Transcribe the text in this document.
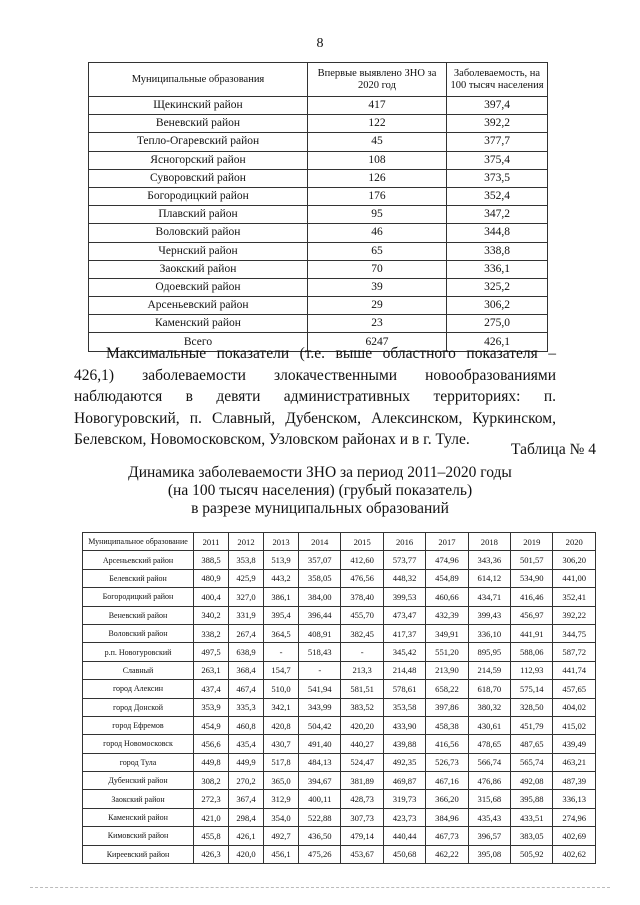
8
Муниципальные образования	Впервые выявлено ЗНО за 2020 год	Заболеваемость, на 100 тысяч населения
Щекинский район	417	397,4
Веневский район	122	392,2
Тепло-Огаревский район	45	377,7
Ясногорский район	108	375,4
Суворовский район	126	373,5
Богородицкий район	176	352,4
Плавский район	95	347,2
Воловский район	46	344,8
Чернский район	65	338,8
Заокский район	70	336,1
Одоевский район	39	325,2
Арсеньевский район	29	306,2
Каменский район	23	275,0
Всего	6247	426,1
Максимальные показатели (т.е. выше областного показателя – 426,1) заболеваемости злокачественными новообразованиями наблюдаются в девяти административных территориях: п. Новогуровский, п. Славный, Дубенском, Алексинском, Куркинском, Белевском, Новомосковском, Узловском районах и в г. Туле.
Таблица № 4
Динамика заболеваемости ЗНО за период 2011–2020 годы
(на 100 тысяч населения) (грубый показатель)
в разрезе муниципальных образований
Муниципальное образование	2011	2012	2013	2014	2015	2016	2017	2018	2019	2020
Арсеньевский район	388,5	353,8	513,9	357,07	412,60	573,77	474,96	343,36	501,57	306,20
Белевский район	480,9	425,9	443,2	358,05	476,56	448,32	454,89	614,12	534,90	441,00
Богородицкий район	400,4	327,0	386,1	384,00	378,40	399,53	460,66	434,71	416,46	352,41
Веневский район	340,2	331,9	395,4	396,44	455,70	473,47	432,39	399,43	456,97	392,22
Воловский район	338,2	267,4	364,5	408,91	382,45	417,37	349,91	336,10	441,91	344,75
р.п. Новогуровский	497,5	638,9	-	518,43	-	345,42	551,20	895,95	588,06	587,72
Славный	263,1	368,4	154,7	-	213,3	214,48	213,90	214,59	112,93	441,74
город Алексин	437,4	467,4	510,0	541,94	581,51	578,61	658,22	618,70	575,14	457,65
город Донской	353,9	335,3	342,1	343,99	383,52	353,58	397,86	380,32	328,50	404,02
город Ефремов	454,9	460,8	420,8	504,42	420,20	433,90	458,38	430,61	451,79	415,02
город Новомосковск	456,6	435,4	430,7	491,40	440,27	439,88	416,56	478,65	487,65	439,49
город Тула	449,8	449,9	517,8	484,13	524,47	492,35	526,73	566,74	565,74	463,21
Дубенский район	308,2	270,2	365,0	394,67	381,89	469,87	467,16	476,86	492,08	487,39
Заокский район	272,3	367,4	312,9	400,11	428,73	319,73	366,20	315,68	395,88	336,13
Каменский район	421,0	298,4	354,0	522,88	307,73	423,73	384,96	435,43	433,51	274,96
Кимовский район	455,8	426,1	492,7	436,50	479,14	440,44	467,73	396,57	383,05	402,69
Киреевский район	426,3	420,0	456,1	475,26	453,67	450,68	462,22	395,08	505,92	402,62
